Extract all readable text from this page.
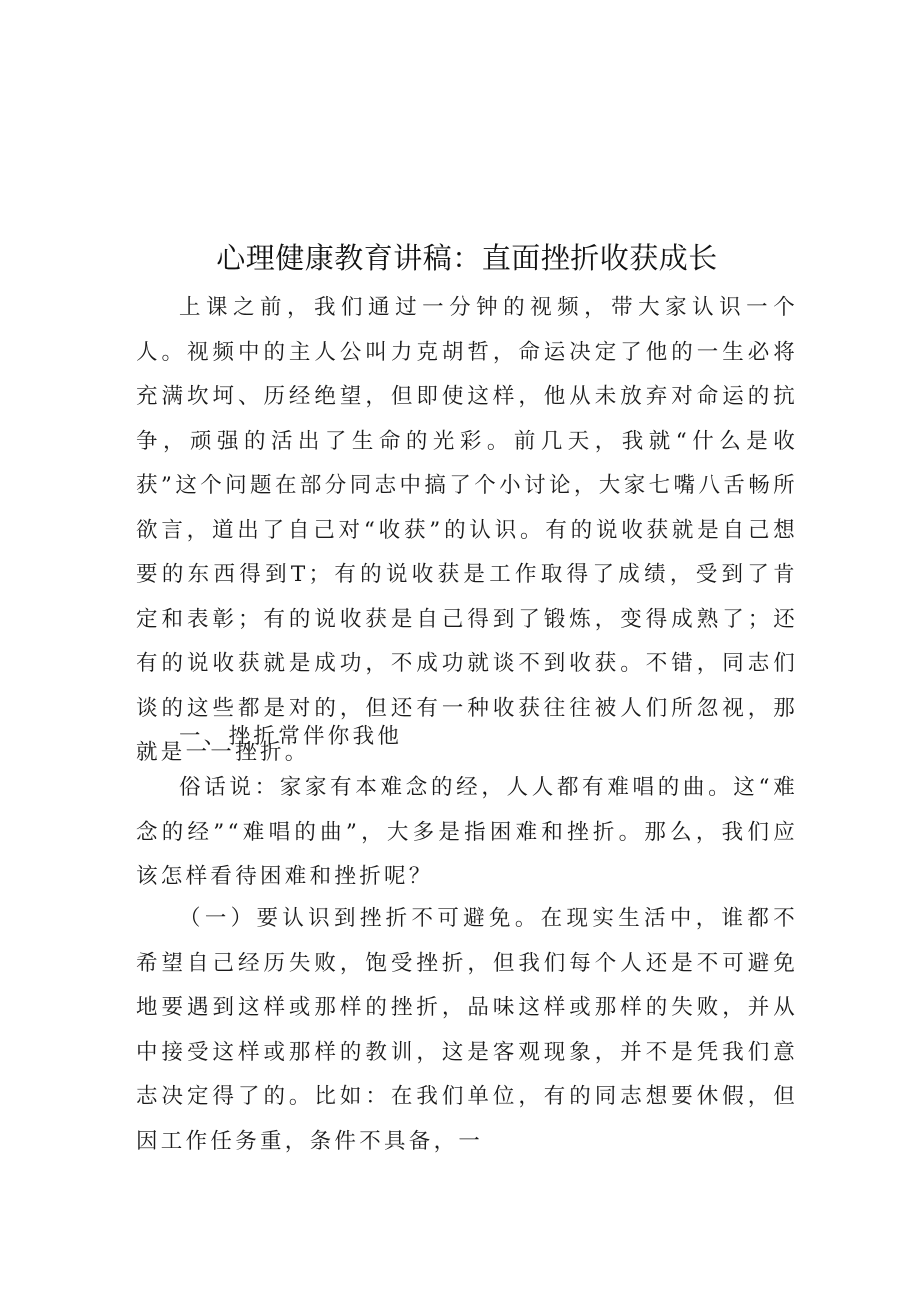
心理健康教育讲稿：直面挫折收获成长

上课之前，我们通过一分钟的视频，带大家认识一个人。视频中的主人公叫力克胡哲，命运决定了他的一生必将充满坎坷、历经绝望，但即使这样，他从未放弃对命运的抗争，顽强的活出了生命的光彩。前几天，我就“什么是收获”这个问题在部分同志中搞了个小讨论，大家七嘴八舌畅所欲言，道出了自己对“收获”的认识。有的说收获就是自己想要的东西得到T；有的说收获是工作取得了成绩，受到了肯定和表彰；有的说收获是自己得到了锻炼，变得成熟了；还有的说收获就是成功，不成功就谈不到收获。不错，同志们谈的这些都是对的，但还有一种收获往往被人们所忽视，那就是一一挫折。

一、挫折常伴你我他

俗话说：家家有本难念的经，人人都有难唱的曲。这“难念的经”“难唱的曲”，大多是指困难和挫折。那么，我们应该怎样看待困难和挫折呢？

（一）要认识到挫折不可避免。在现实生活中，谁都不希望自己经历失败，饱受挫折，但我们每个人还是不可避免地要遇到这样或那样的挫折，品味这样或那样的失败，并从中接受这样或那样的教训，这是客观现象，并不是凭我们意志决定得了的。比如：在我们单位，有的同志想要休假，但因工作任务重，条件不具备，一
